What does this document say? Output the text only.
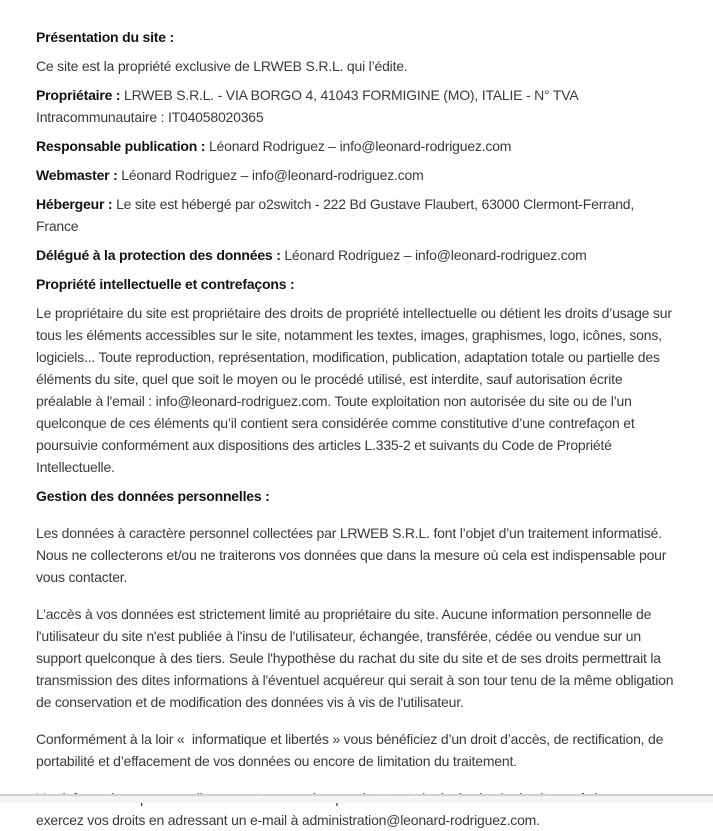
Présentation du site :

Ce site est la propriété exclusive de LRWEB S.R.L. qui l’édite.

Propriétaire : LRWEB S.R.L. - VIA BORGO 4, 41043 FORMIGINE (MO), ITALIE - N° TVA Intracommunautaire : IT04058020365

Responsable publication : Léonard Rodriguez – info@leonard-rodriguez.com

Webmaster : Léonard Rodriguez – info@leonard-rodriguez.com

Hébergeur : Le site est hébergé par o2switch - 222 Bd Gustave Flaubert, 63000 Clermont-Ferrand, France

Délégué à la protection des données : Léonard Rodriguez – info@leonard-rodriguez.com

Propriété intellectuelle et contrefaçons :

Le propriétaire du site est propriétaire des droits de propriété intellectuelle ou détient les droits d’usage sur tous les éléments accessibles sur le site, notamment les textes, images, graphismes, logo, icônes, sons, logiciels... Toute reproduction, représentation, modification, publication, adaptation totale ou partielle des éléments du site, quel que soit le moyen ou le procédé utilisé, est interdite, sauf autorisation écrite préalable à l'email : info@leonard-rodriguez.com. Toute exploitation non autorisée du site ou de l’un quelconque de ces éléments qu’il contient sera considérée comme constitutive d’une contrefaçon et poursuivie conformément aux dispositions des articles L.335-2 et suivants du Code de Propriété Intellectuelle.

Gestion des données personnelles :

Les données à caractère personnel collectées par LRWEB S.R.L. font l’objet d’un traitement informatisé. Nous ne collecterons et/ou ne traiterons vos données que dans la mesure où cela est indispensable pour vous contacter.

L’accès à vos données est strictement limité au propriétaire du site. Aucune information personnelle de l'utilisateur du site n'est publiée à l'insu de l'utilisateur, échangée, transférée, cédée ou vendue sur un support quelconque à des tiers. Seule l'hypothèse du rachat du site du site et de ses droits permettrait la transmission des dites informations à l'éventuel acquéreur qui serait à son tour tenu de la même obligation de conservation et de modification des données vis à vis de l'utilisateur.

Conformément à la loir «  informatique et libertés » vous bénéficiez d’un droit d’accès, de rectification, de portabilité et d’effacement de vos données ou encore de limitation du traitement.

exercez vos droits en adressant un e-mail à administration@leonard-rodriguez.com.
